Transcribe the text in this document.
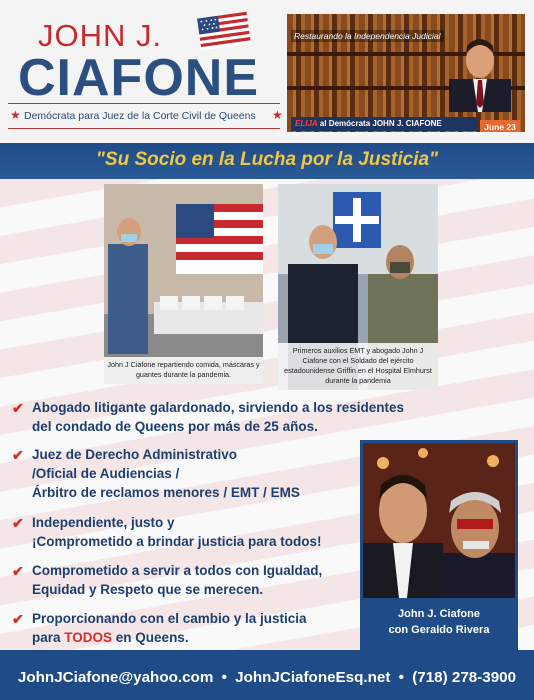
JOHN J.
CIAFONE
★	★
Demócrata para Juez de la Corte Civil de Queens
Restaurando la Independencia Judicial
ELIJA al Demócrata JOHN J. CIAFONE	June 23
"Su Socio en la Lucha por la Justicia"
John J Ciafone repartiendo comida, máscaras y guantes durante la pandemia.
Primeros auxilios EMT y abogado John J Ciafone con el Soldado del ejército estadounidense Griffin en el Hospital Elmhurst durante la pandemia
✔ Abogado litigante galardonado, sirviendo a los residentes
del condado de Queens por más de 25 años.
✔ Juez de Derecho Administrativo
/Oficial de Audiencias /
Árbitro de reclamos menores / EMT / EMS
✔ Independiente, justo y
¡Comprometido a brindar justicia para todos!
✔ Comprometido a servir a todos con Igualdad,
Equidad y Respeto que se merecen.
✔ Proporcionando con el cambio y la justicia
para TODOS en Queens.
John J. Ciafone
con Geraldo Rivera
JohnJCiafone@yahoo.com • JohnJCiafoneEsq.net • (718) 278-3900
